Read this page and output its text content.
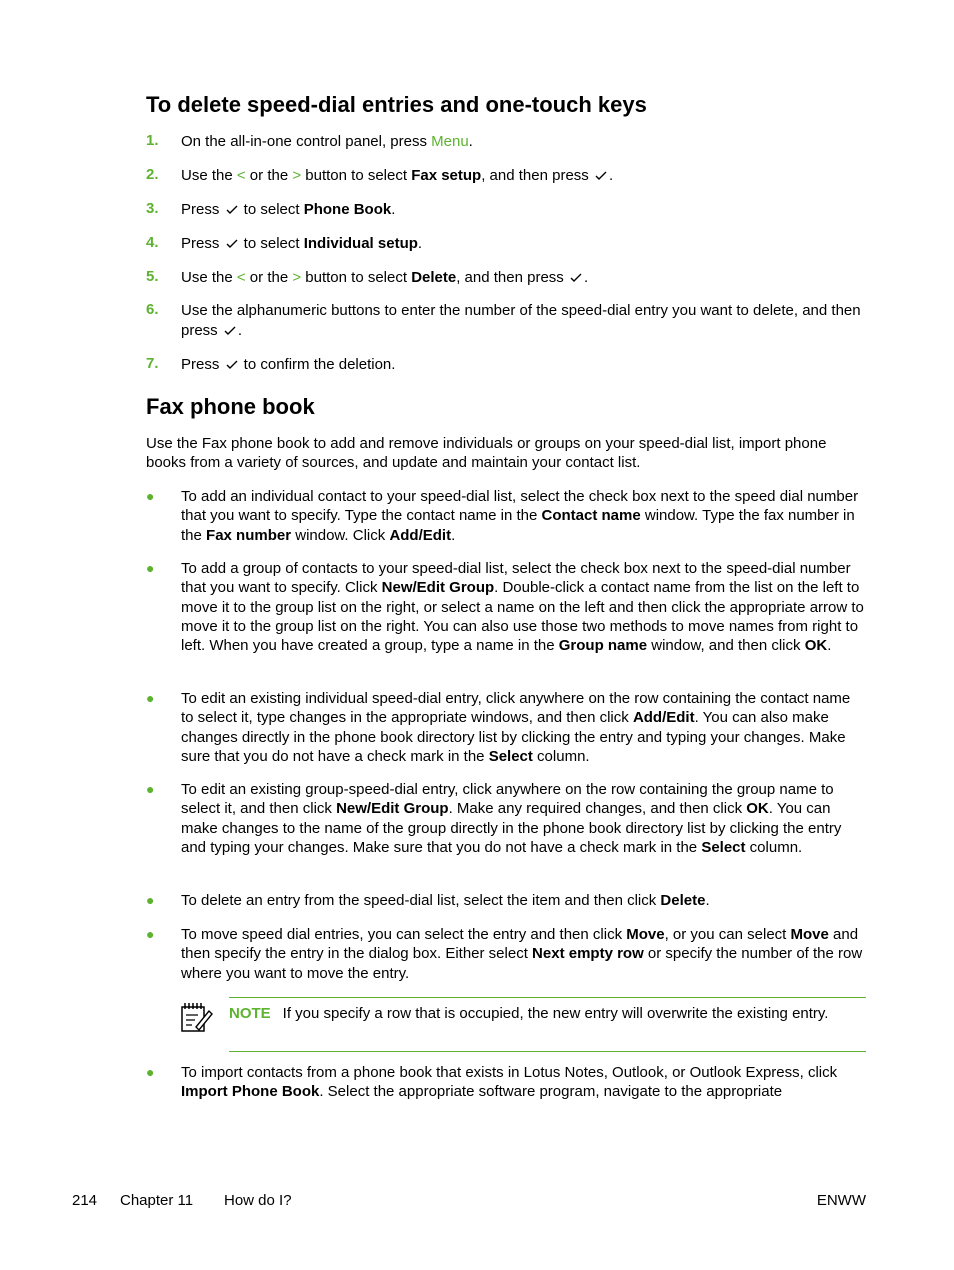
To delete speed-dial entries and one-touch keys
1. On the all-in-one control panel, press Menu.
2. Use the < or the > button to select Fax setup, and then press .
3. Press  to select Phone Book.
4. Press  to select Individual setup.
5. Use the < or the > button to select Delete, and then press .
6. Use the alphanumeric buttons to enter the number of the speed-dial entry you want to delete, and then press .
7. Press  to confirm the deletion.
Fax phone book
Use the Fax phone book to add and remove individuals or groups on your speed-dial list, import phone books from a variety of sources, and update and maintain your contact list.
● To add an individual contact to your speed-dial list, select the check box next to the speed dial number that you want to specify. Type the contact name in the Contact name window. Type the fax number in the Fax number window. Click Add/Edit.
● To add a group of contacts to your speed-dial list, select the check box next to the speed-dial number that you want to specify. Click New/Edit Group. Double-click a contact name from the list on the left to move it to the group list on the right, or select a name on the left and then click the appropriate arrow to move it to the group list on the right. You can also use those two methods to move names from right to left. When you have created a group, type a name in the Group name window, and then click OK.
● To edit an existing individual speed-dial entry, click anywhere on the row containing the contact name to select it, type changes in the appropriate windows, and then click Add/Edit. You can also make changes directly in the phone book directory list by clicking the entry and typing your changes. Make sure that you do not have a check mark in the Select column.
● To edit an existing group-speed-dial entry, click anywhere on the row containing the group name to select it, and then click New/Edit Group. Make any required changes, and then click OK. You can make changes to the name of the group directly in the phone book directory list by clicking the entry and typing your changes. Make sure that you do not have a check mark in the Select column.
● To delete an entry from the speed-dial list, select the item and then click Delete.
● To move speed dial entries, you can select the entry and then click Move, or you can select Move and then specify the entry in the dialog box. Either select Next empty row or specify the number of the row where you want to move the entry.
NOTE If you specify a row that is occupied, the new entry will overwrite the existing entry.
● To import contacts from a phone book that exists in Lotus Notes, Outlook, or Outlook Express, click Import Phone Book. Select the appropriate software program, navigate to the appropriate
214 Chapter 11 How do I?	ENWW
